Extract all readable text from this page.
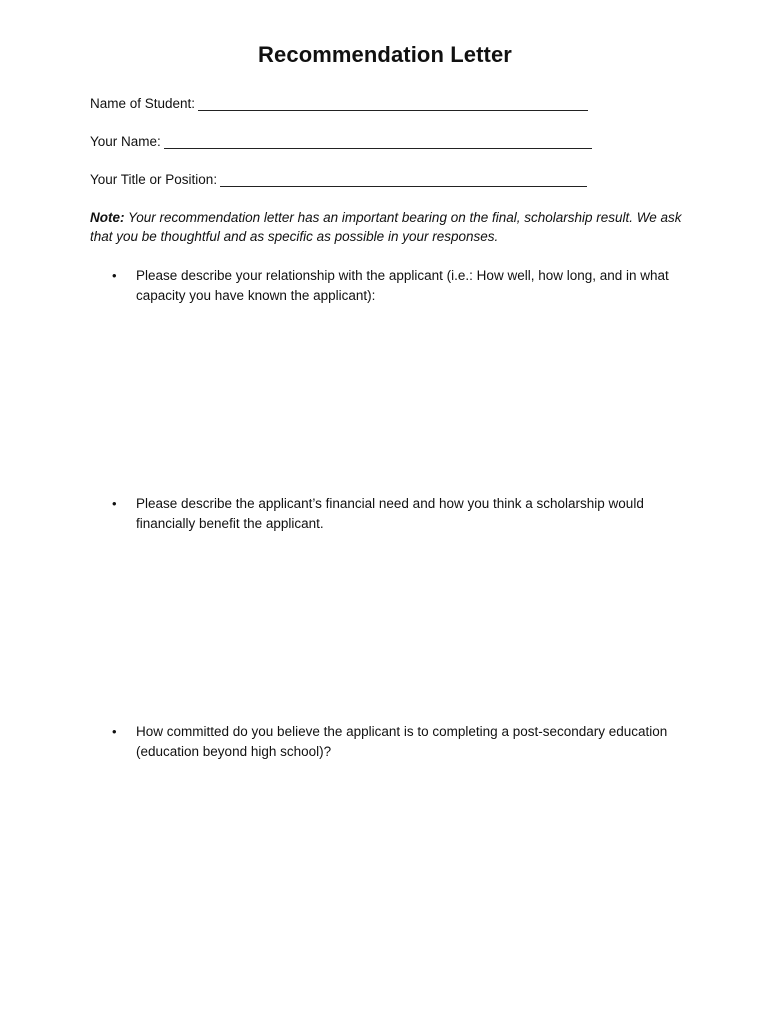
Recommendation Letter
Name of Student:
Your Name:
Your Title or Position:
Note: Your recommendation letter has an important bearing on the final, scholarship result. We ask that you be thoughtful and as specific as possible in your responses.
•	Please describe your relationship with the applicant (i.e.: How well, how long, and in what capacity you have known the applicant):
•	Please describe the applicant’s financial need and how you think a scholarship would financially benefit the applicant.
•	How committed do you believe the applicant is to completing a post-secondary education (education beyond high school)?
